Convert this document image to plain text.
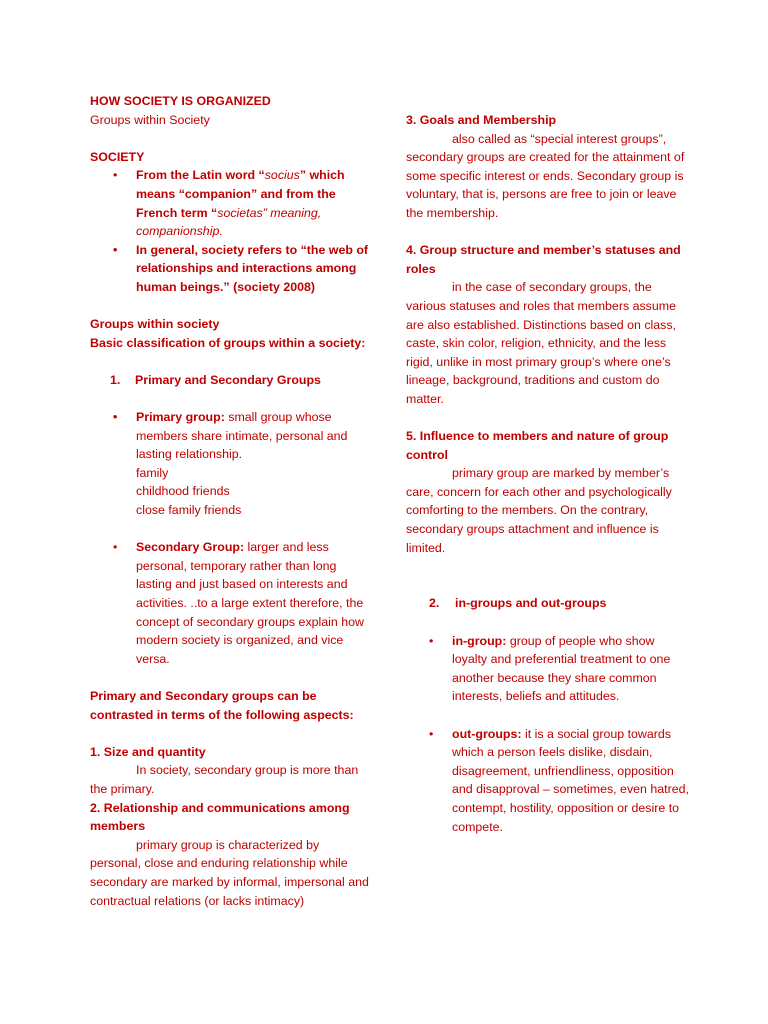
HOW SOCIETY IS ORGANIZED

Groups within Society

SOCIETY

• From the Latin word “socius” which means “companion” and from the French term “societas” meaning, companionship.
• In general, society refers to “the web of relationships and interactions among human beings.” (society 2008)

Groups within society

Basic classification of groups within a society:

1. Primary and Secondary Groups

• Primary group: small group whose members share intimate, personal and lasting relationship.

family

childhood friends

close family friends

• Secondary Group: larger and less personal, temporary rather than long lasting and just based on interests and activities. ..to a large extent therefore, the concept of secondary groups explain how modern society is organized, and vice versa.

Primary and Secondary groups can be contrasted in terms of the following aspects:

1. Size and quantity

In society, secondary group is more than the primary.

2. Relationship and communications among members

primary group is characterized by personal, close and enduring relationship while secondary are marked by informal, impersonal and contractual relations (or lacks intimacy)

3. Goals and Membership

also called as “special interest groups”, secondary groups are created for the attainment of some specific interest or ends. Secondary group is voluntary, that is, persons are free to join or leave the membership.

4. Group structure and member’s statuses and roles

in the case of secondary groups, the various statuses and roles that members assume are also established. Distinctions based on class, caste, skin color, religion, ethnicity, and the less rigid, unlike in most primary group’s where one’s lineage, background, traditions and custom do matter.

5. Influence to members and nature of group control

primary group are marked by member’s care, concern for each other and psychologically comforting to the members. On the contrary, secondary groups attachment and influence is limited.

2. in-groups and out-groups

• in-group: group of people who show loyalty and preferential treatment to one another because they share common interests, beliefs and attitudes.
• out-groups: it is a social group towards which a person feels dislike, disdain, disagreement, unfriendliness, opposition and disapproval – sometimes, even hatred, contempt, hostility, opposition or desire to compete.
